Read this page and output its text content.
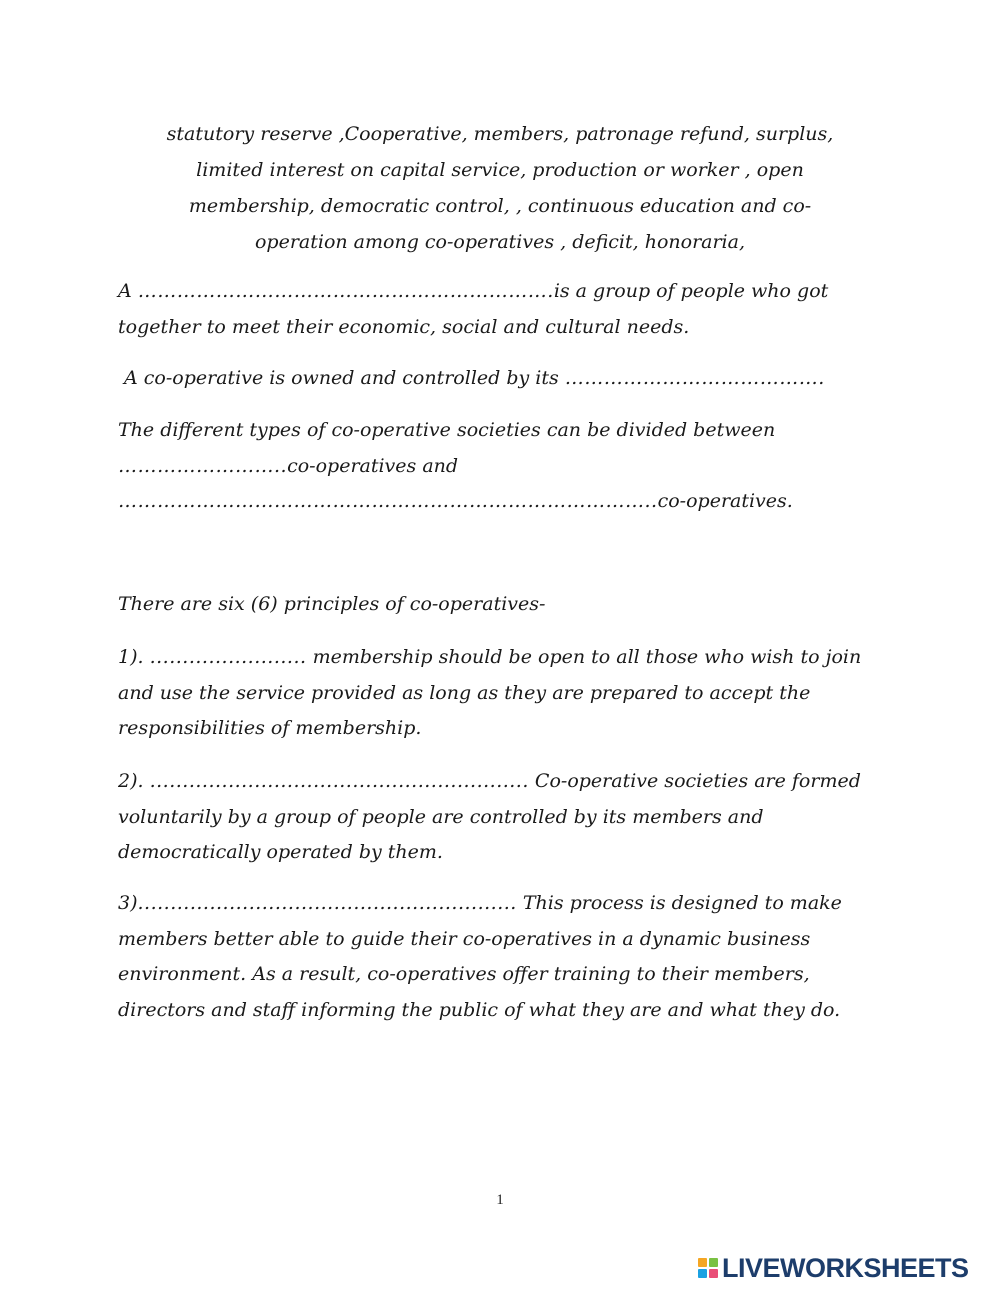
statutory reserve ,Cooperative, members, patronage refund, surplus,
limited interest on capital service, production or worker , open
membership, democratic control, , continuous education and co-
operation among co-operatives , deficit, honoraria,

A ……………………………………………………….is a group of people who got together to meet their economic, social and cultural needs.

A co-operative is owned and controlled by its ………………………………….

The different types of co-operative societies can be divided between ……………………..co-operatives and ………………………………………………………………………..co-operatives.

There are six (6) principles of co-operatives-

1). ........................ membership should be open to all those who wish to join and use the service provided as long as they are prepared to accept the responsibilities of membership.

2). .......................................................... Co-operative societies are formed voluntarily by a group of people are controlled by its members and democratically operated by them.

3).......................................................... This process is designed to make members better able to guide their co-operatives in a dynamic business environment. As a result, co-operatives offer training to their members, directors and staff informing the public of what they are and what they do.

1
LIVEWORKSHEETS
